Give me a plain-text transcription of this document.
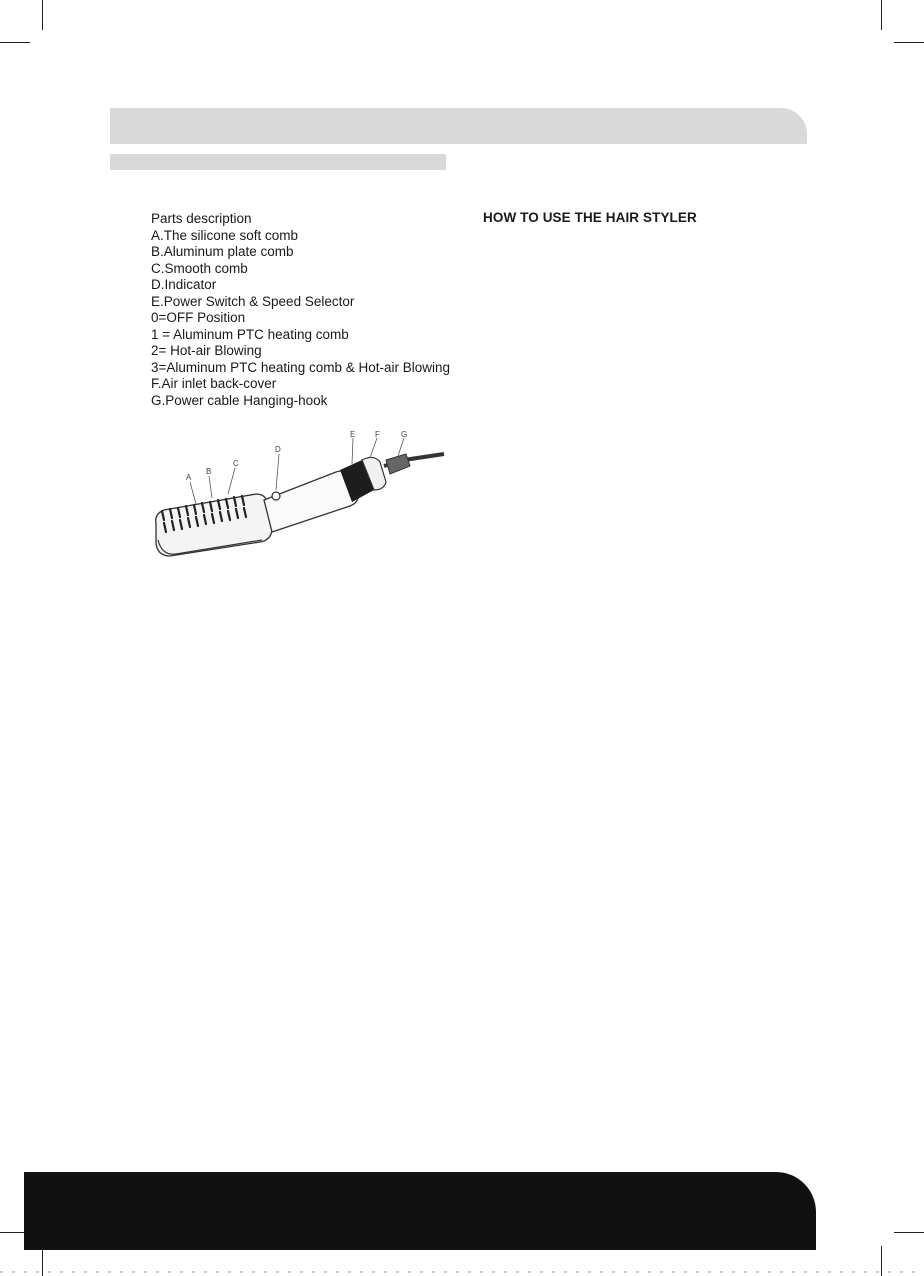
Parts description

A.The silicone soft comb
B.Aluminum plate comb
C.Smooth comb
D.Indicator
E.Power Switch & Speed Selector
0=OFF Position
1 = Aluminum PTC heating comb
2= Hot-air Blowing
3=Aluminum PTC heating comb & Hot-air Blowing
F.Air inlet back-cover
G.Power cable Hanging-hook
HOW TO USE THE HAIR STYLER
A
B
C
D
E F	G
